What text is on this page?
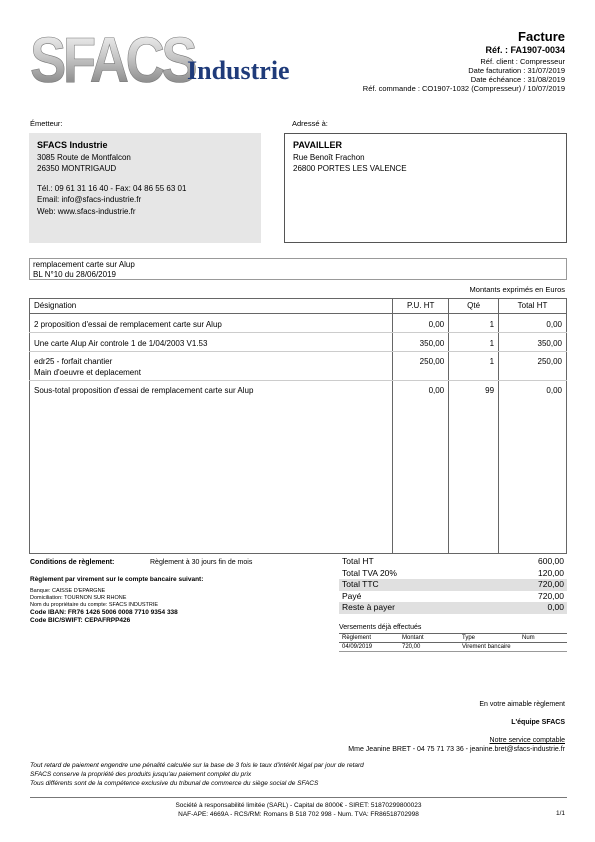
SFACS
Industrie
Facture
Réf. : FA1907-0034
Réf. client : Compresseur
Date facturation : 31/07/2019
Date échéance : 31/08/2019
Réf. commande : CO1907-1032 (Compresseur) / 10/07/2019
Émetteur:	Adressé à:
SFACS Industrie
3085 Route de Montfalcon
26350 MONTRIGAUD
Tél.: 09 61 31 16 40 - Fax: 04 86 55 63 01
Email: info@sfacs-industrie.fr
Web: www.sfacs-industrie.fr
PAVAILLER
Rue Benoît Frachon
26800 PORTES LES VALENCE
remplacement carte sur Alup
BL N°10 du 28/06/2019
Montants exprimés en Euros
Désignation	P.U. HT	Qté	Total HT
2 proposition d'essai de remplacement carte sur Alup	0,00	1	0,00
Une carte Alup Air controle 1 de 1/04/2003 V1.53	350,00	1	350,00

edr25 - forfait chantier
Main d'oeuvre et deplacement	250,00	1	250,00
Sous-total proposition d'essai de remplacement carte sur Alup	0,00	99	0,00
Conditions de règlement:	Règlement à 30 jours fin de mois
Règlement par virement sur le compte bancaire suivant:
Banque: CAISSE D'EPARGNE
Domiciliation: TOURNON SUR RHONE
Nom du propriétaire du compte: SFACS INDUSTRIE
Code IBAN: FR76 1426 5006 0008 7710 9354 338
Code BIC/SWIFT: CEPAFRPP426
Total HT	600,00
Total TVA 20%	120,00
Total TTC	720,00
Payé	720,00
Reste à payer	0,00
Versements déjà effectués
Règlement	Montant	Type	Num
04/09/2019	720,00	Virement bancaire
En votre aimable règlement
L'équipe SFACS
Notre service comptable
Mme Jeanine BRET - 04 75 71 73 36 - jeanine.bret@sfacs-industrie.fr
Tout retard de paiement engendre une pénalité calculée sur la base de 3 fois le taux d'intérêt légal par jour de retard
SFACS conserve la propriété des produits jusqu'au paiement complet du prix
Tous différents sont de la compétence exclusive du tribunal de commerce du siège social de SFACS
Société à responsabilité limitée (SARL) - Capital de 8000€ - SIRET: 51870299800023
NAF-APE: 4669A - RCS/RM: Romans B 518 702 998 - Num. TVA: FR86518702998	1/1
